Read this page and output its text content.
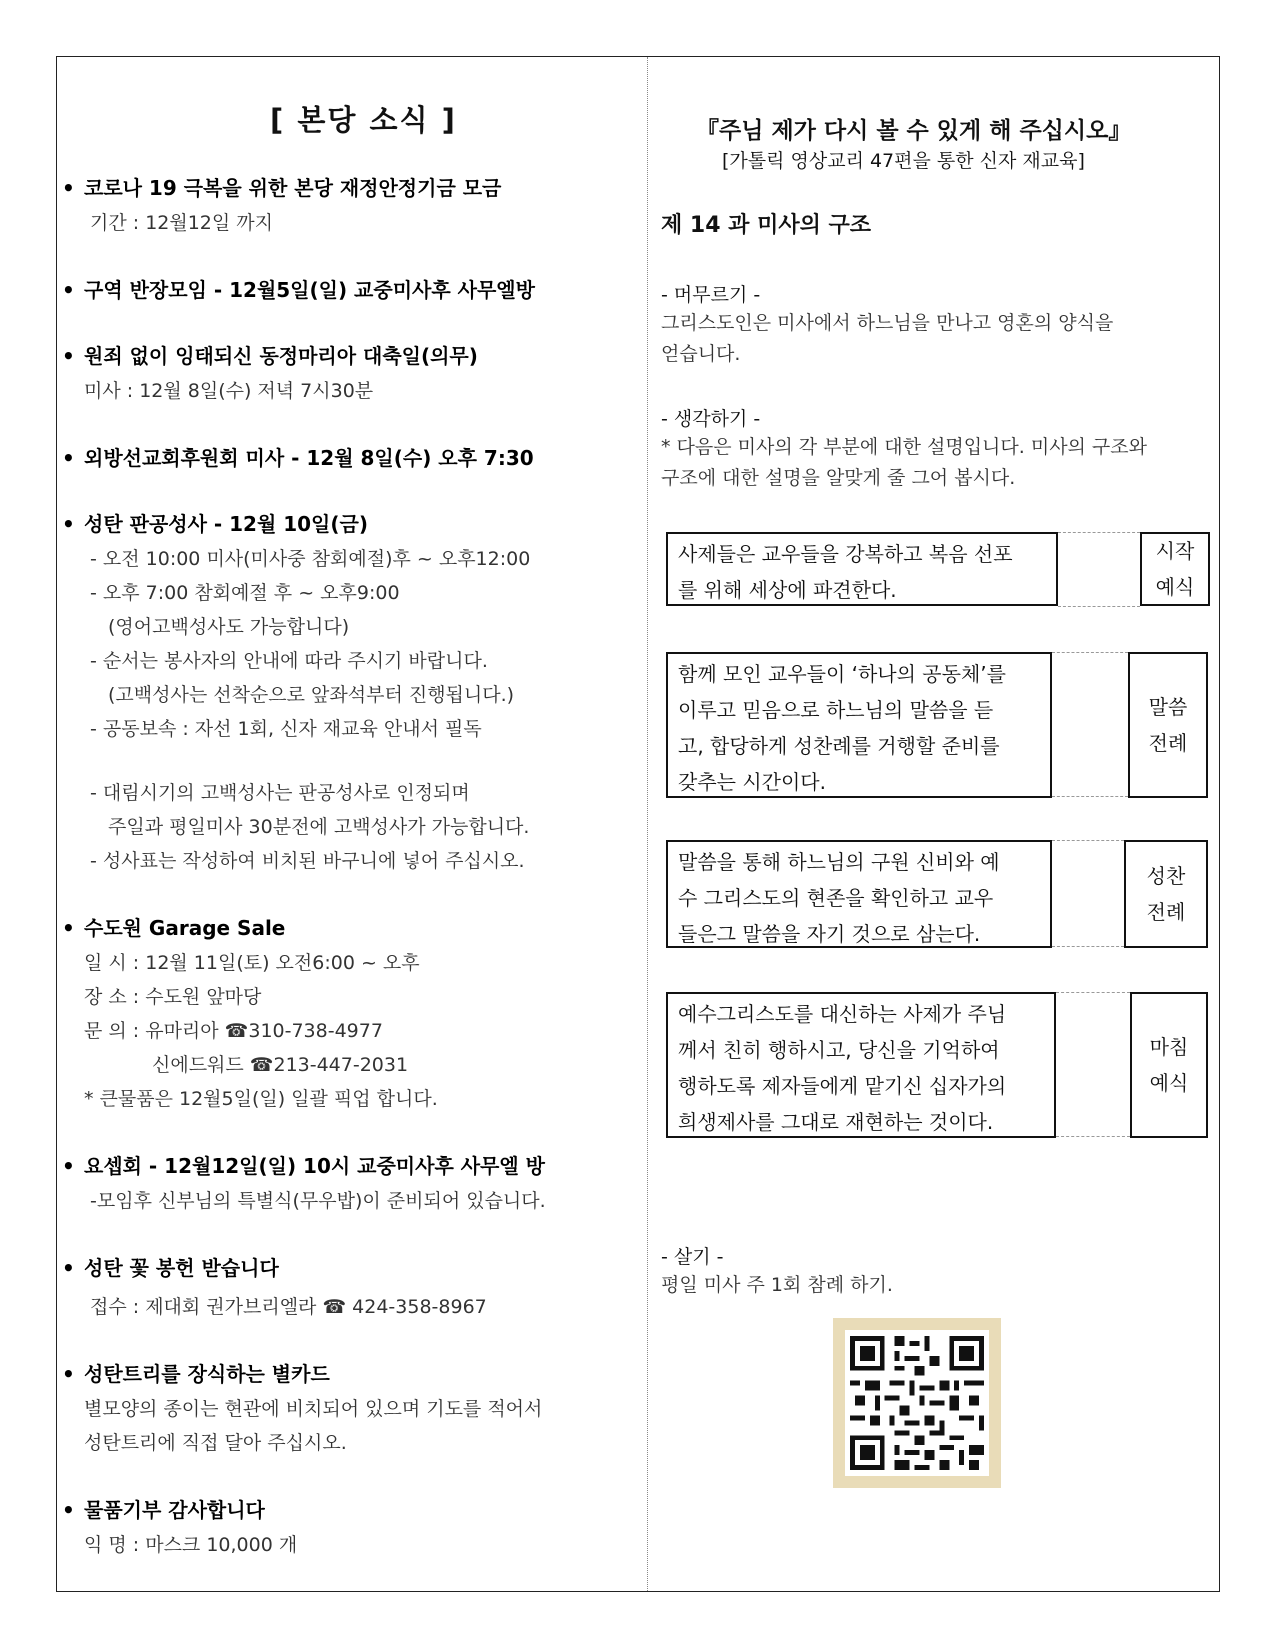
[ 본당 소식 ]
• 코로나 19 극복을 위한 본당 재정안정기금 모금
기간 : 12월12일 까지
• 구역 반장모임 - 12월5일(일) 교중미사후 사무엘방
• 원죄 없이 잉태되신 동정마리아 대축일(의무)
미사 : 12월 8일(수) 저녁 7시30분
• 외방선교회후원회 미사 - 12월 8일(수) 오후 7:30
• 성탄 판공성사 - 12월 10일(금)
- 오전 10:00 미사(미사중 참회예절)후 ~ 오후12:00
- 오후 7:00 참회예절 후 ~ 오후9:00
(영어고백성사도 가능합니다)
- 순서는 봉사자의 안내에 따라 주시기 바랍니다.
(고백성사는 선착순으로 앞좌석부터 진행됩니다.)
- 공동보속 : 자선 1회, 신자 재교육 안내서 필독
- 대림시기의 고백성사는 판공성사로 인정되며
주일과 평일미사 30분전에 고백성사가 가능합니다.
- 성사표는 작성하여 비치된 바구니에 넣어 주십시오.
• 수도원 Garage Sale
일 시 : 12월 11일(토) 오전6:00 ~ 오후
장 소 : 수도원 앞마당
문 의 : 유마리아 ☎310-738-4977
신에드워드 ☎213-447-2031
* 큰물품은 12월5일(일) 일괄 픽업 합니다.
• 요셉회 - 12월12일(일) 10시 교중미사후 사무엘 방
-모임후 신부님의 특별식(무우밥)이 준비되어 있습니다.
• 성탄 꽃 봉헌 받습니다
접수 : 제대회 권가브리엘라 ☎ 424-358-8967
• 성탄트리를 장식하는 별카드
별모양의 종이는 현관에 비치되어 있으며 기도를 적어서
성탄트리에 직접 달아 주십시오.
• 물품기부 감사합니다
익 명 : 마스크 10,000 개
『주님 제가 다시 볼 수 있게 해 주십시오』
[가톨릭 영상교리 47편을 통한 신자 재교육]
제 14 과 미사의 구조
- 머무르기 -
그리스도인은 미사에서 하느님을 만나고 영혼의 양식을
얻습니다.
- 생각하기 -
* 다음은 미사의 각 부분에 대한 설명입니다. 미사의 구조와
구조에 대한 설명을 알맞게 줄 그어 봅시다.
사제들은 교우들을 강복하고 복음 선포
를 위해 세상에 파견한다.
시작
예식
함께 모인 교우들이 ‘하나의 공동체’를
이루고 믿음으로 하느님의 말씀을 듣
고, 합당하게 성찬례를 거행할 준비를
갖추는 시간이다.
말씀
전례
말씀을 통해 하느님의 구원 신비와 예
수 그리스도의 현존을 확인하고 교우
들은그 말씀을 자기 것으로 삼는다.
성찬
전례
예수그리스도를 대신하는 사제가 주님
께서 친히 행하시고, 당신을 기억하여
행하도록 제자들에게 맡기신 십자가의
희생제사를 그대로 재현하는 것이다.
마침
예식
- 살기 -
평일 미사 주 1회 참례 하기.
